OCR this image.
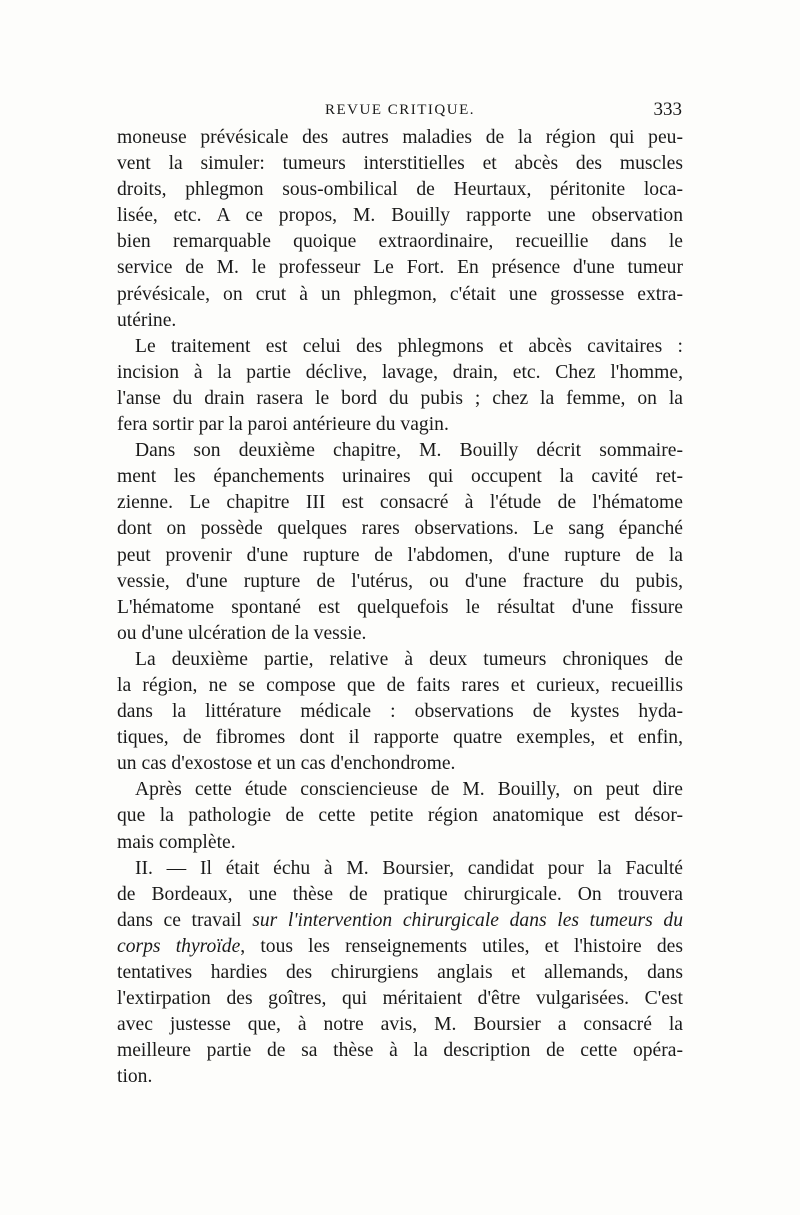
REVUE CRITIQUE.	333
moneuse prévésicale des autres maladies de la région qui peu-
vent la simuler: tumeurs interstitielles et abcès des muscles
droits, phlegmon sous-ombilical de Heurtaux, péritonite loca-
lisée, etc. A ce propos, M. Bouilly rapporte une observation
bien remarquable quoique extraordinaire, recueillie dans le
service de M. le professeur Le Fort. En présence d'une tumeur
prévésicale, on crut à un phlegmon, c'était une grossesse extra-
utérine.
Le traitement est celui des phlegmons et abcès cavitaires :
incision à la partie déclive, lavage, drain, etc. Chez l'homme,
l'anse du drain rasera le bord du pubis ; chez la femme, on la
fera sortir par la paroi antérieure du vagin.
Dans son deuxième chapitre, M. Bouilly décrit sommaire-
ment les épanchements urinaires qui occupent la cavité ret-
zienne. Le chapitre III est consacré à l'étude de l'hématome
dont on possède quelques rares observations. Le sang épanché
peut provenir d'une rupture de l'abdomen, d'une rupture de la
vessie, d'une rupture de l'utérus, ou d'une fracture du pubis,
L'hématome spontané est quelquefois le résultat d'une fissure
ou d'une ulcération de la vessie.
La deuxième partie, relative à deux tumeurs chroniques de
la région, ne se compose que de faits rares et curieux, recueillis
dans la littérature médicale : observations de kystes hyda-
tiques, de fibromes dont il rapporte quatre exemples, et enfin,
un cas d'exostose et un cas d'enchondrome.
Après cette étude consciencieuse de M. Bouilly, on peut dire
que la pathologie de cette petite région anatomique est désor-
mais complète.
II. — Il était échu à M. Boursier, candidat pour la Faculté
de Bordeaux, une thèse de pratique chirurgicale. On trouvera
dans ce travail sur l'intervention chirurgicale dans les tumeurs du
corps thyroïde, tous les renseignements utiles, et l'histoire des
tentatives hardies des chirurgiens anglais et allemands, dans
l'extirpation des goîtres, qui méritaient d'être vulgarisées. C'est
avec justesse que, à notre avis, M. Boursier a consacré la
meilleure partie de sa thèse à la description de cette opéra-
tion.
